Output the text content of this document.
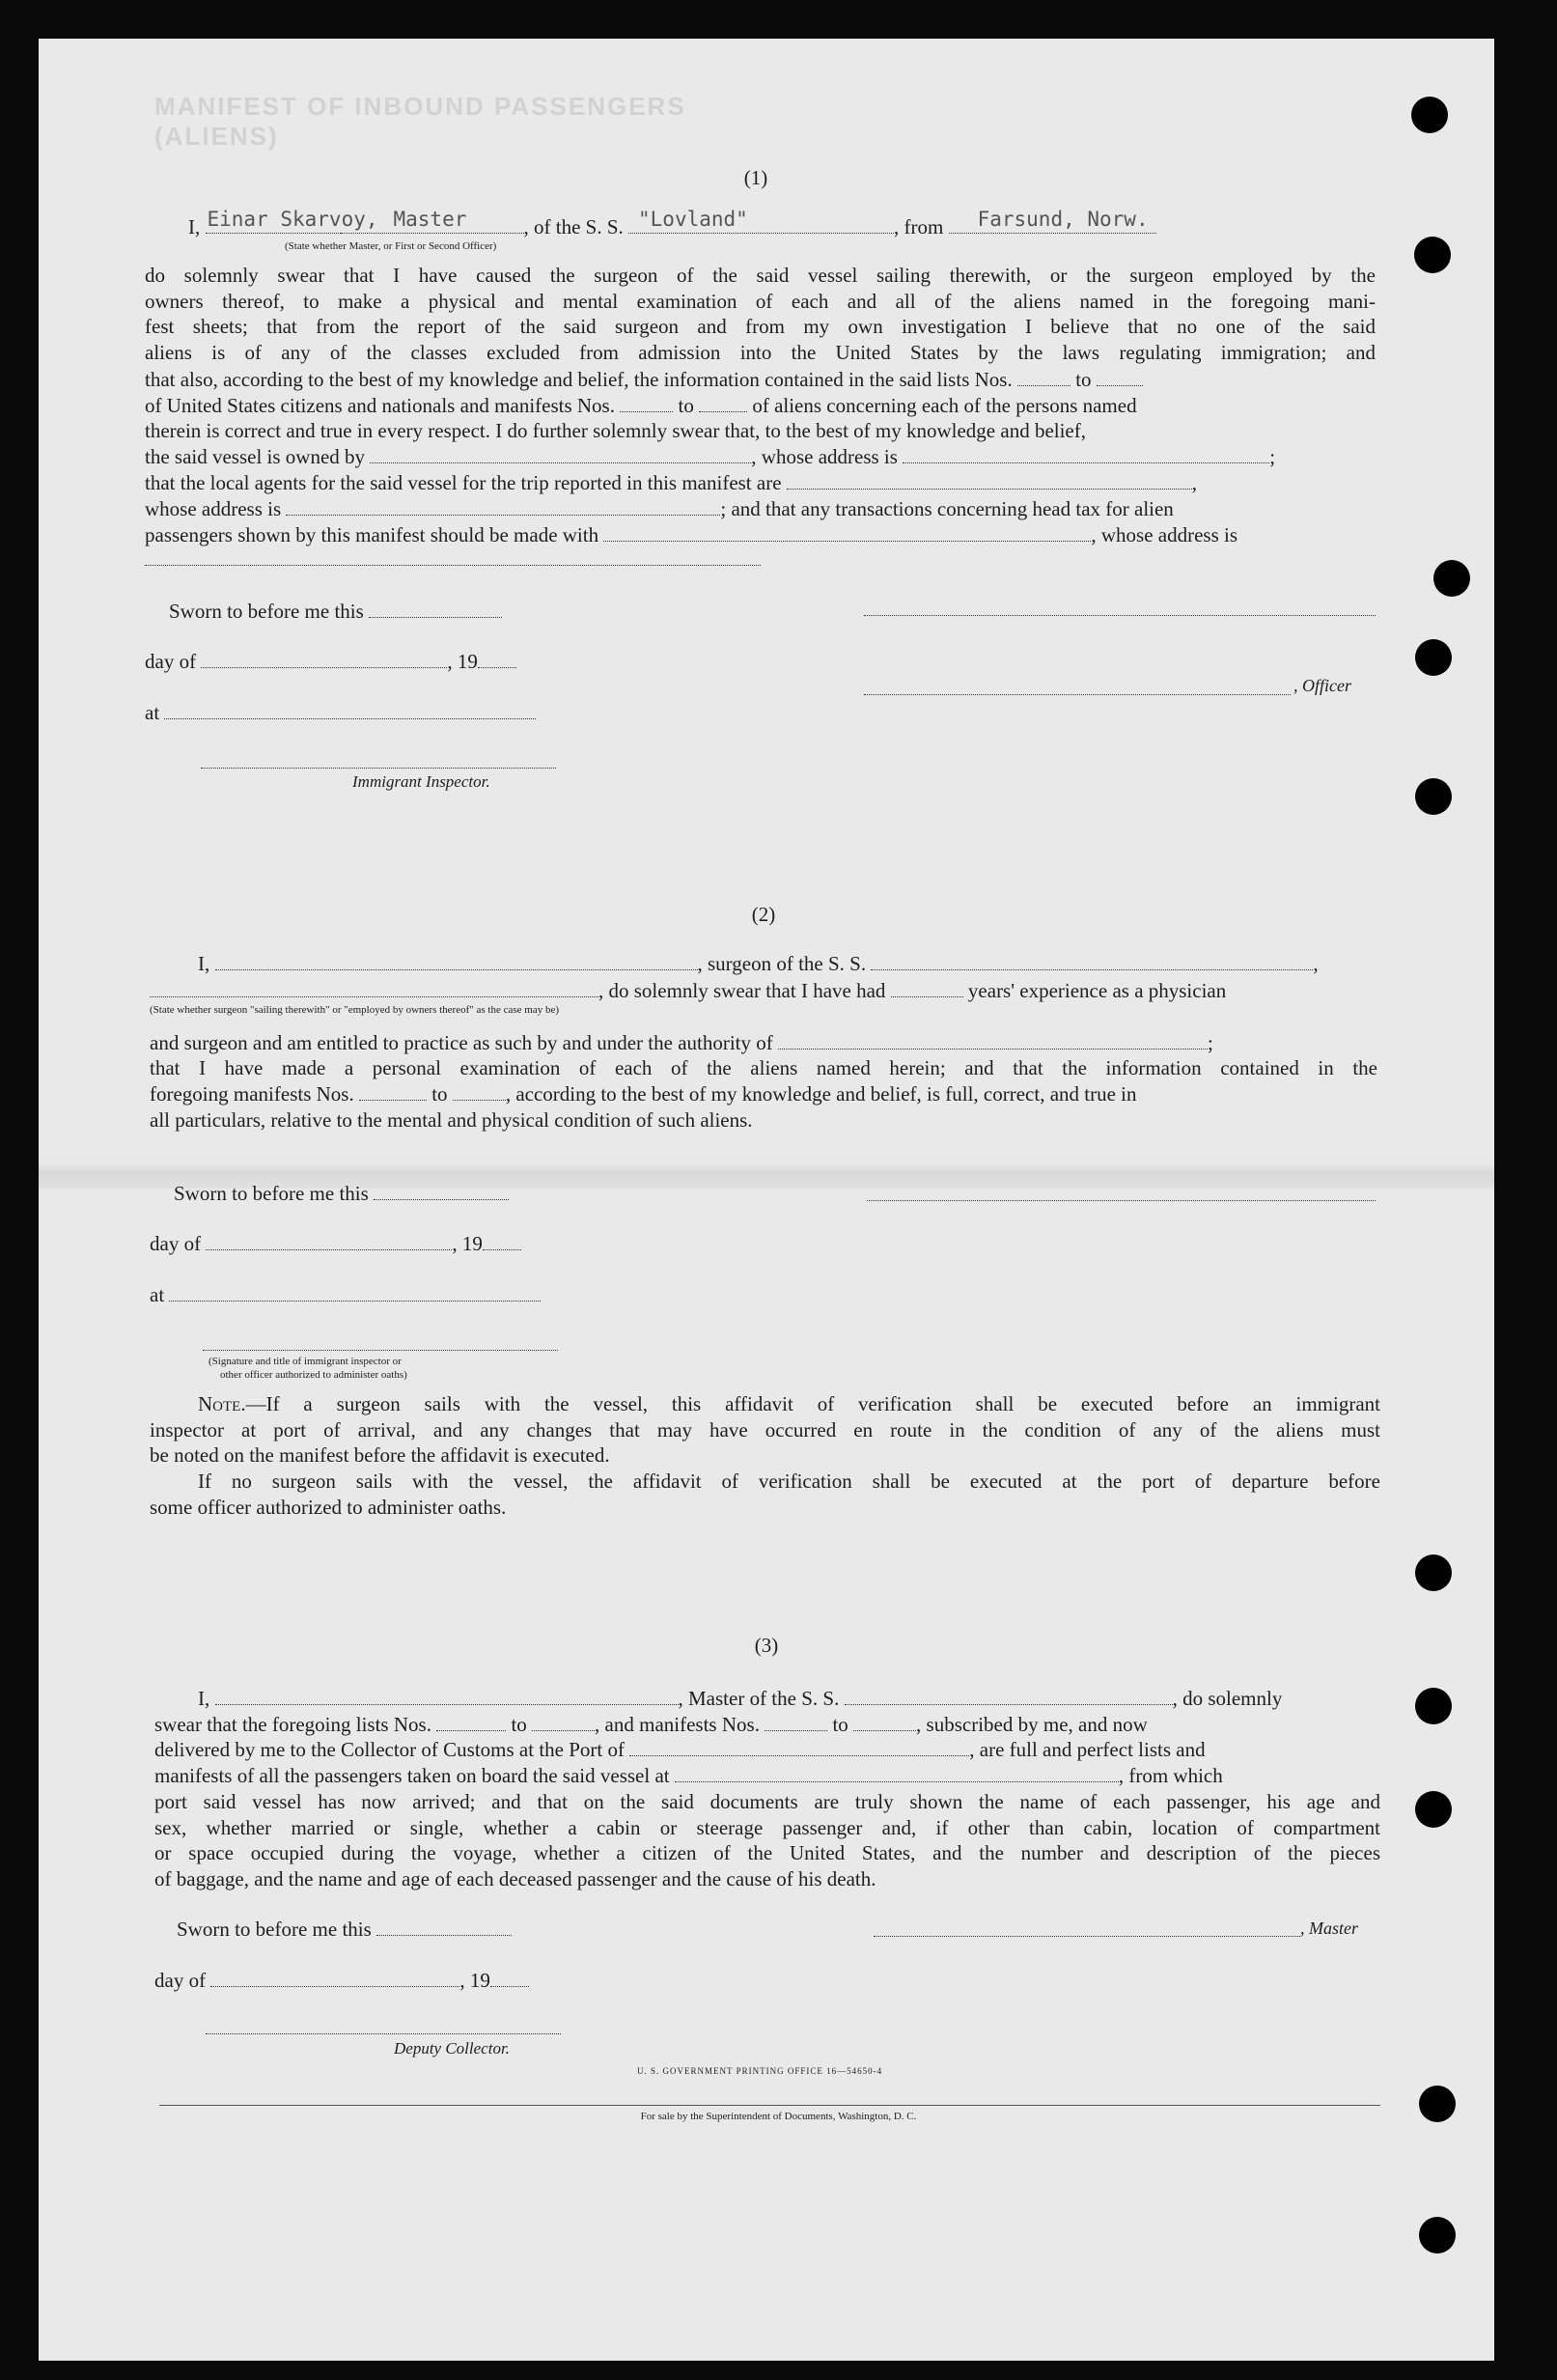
MANIFEST OF INBOUND PASSENGERS (ALIENS)
(1)
I, Einar Skarvoy, Master	, of the S. S. "Lovland"	, from Farsund, Norw.
(State whether Master, or First or Second Officer)
do solemnly swear that I have caused the surgeon of the said vessel sailing therewith, or the surgeon employed by the
owners thereof, to make a physical and mental examination of each and all of the aliens named in the foregoing mani-
fest sheets; that from the report of the said surgeon and from my own investigation I believe that no one of the said
aliens is of any of the classes excluded from admission into the United States by the laws regulating immigration; and
that also, according to the best of my knowledge and belief, the information contained in the said lists Nos.	to
of United States citizens and nationals and manifests Nos.	to	of aliens concerning each of the persons named
therein is correct and true in every respect. I do further solemnly swear that, to the best of my knowledge and belief,
the said vessel is owned by	, whose address is	;
that the local agents for the said vessel for the trip reported in this manifest are	,
whose address is	; and that any transactions concerning head tax for alien
passengers shown by this manifest should be made with	, whose address is
Sworn to before me this
day of	, 19
, Officer
at
Immigrant Inspector.
(2)
I,	, surgeon of the S. S.	,
, do solemnly swear that I have had	years' experience as a physician
(State whether surgeon "sailing therewith" or "employed by owners thereof" as the case may be)
and surgeon and am entitled to practice as such by and under the authority of	;
that I have made a personal examination of each of the aliens named herein; and that the information contained in the
foregoing manifests Nos.	to	, according to the best of my knowledge and belief, is full, correct, and true in
all particulars, relative to the mental and physical condition of such aliens.
Sworn to before me this
day of	, 19
at
(Signature and title of immigrant inspector or
other officer authorized to administer oaths)
Note.—If a surgeon sails with the vessel, this affidavit of verification shall be executed before an immigrant
inspector at port of arrival, and any changes that may have occurred en route in the condition of any of the aliens must
be noted on the manifest before the affidavit is executed.
If no surgeon sails with the vessel, the affidavit of verification shall be executed at the port of departure before
some officer authorized to administer oaths.
(3)
I,	, Master of the S. S.	, do solemnly
swear that the foregoing lists Nos.	to	, and manifests Nos.	to	, subscribed by me, and now
delivered by me to the Collector of Customs at the Port of	, are full and perfect lists and
manifests of all the passengers taken on board the said vessel at	, from which
port said vessel has now arrived; and that on the said documents are truly shown the name of each passenger, his age and
sex, whether married or single, whether a cabin or steerage passenger and, if other than cabin, location of compartment
or space occupied during the voyage, whether a citizen of the United States, and the number and description of the pieces
of baggage, and the name and age of each deceased passenger and the cause of his death.
Sworn to before me this	, Master
day of	, 19
Deputy Collector.
U. S. GOVERNMENT PRINTING OFFICE 16—54650-4
For sale by the Superintendent of Documents, Washington, D. C.
